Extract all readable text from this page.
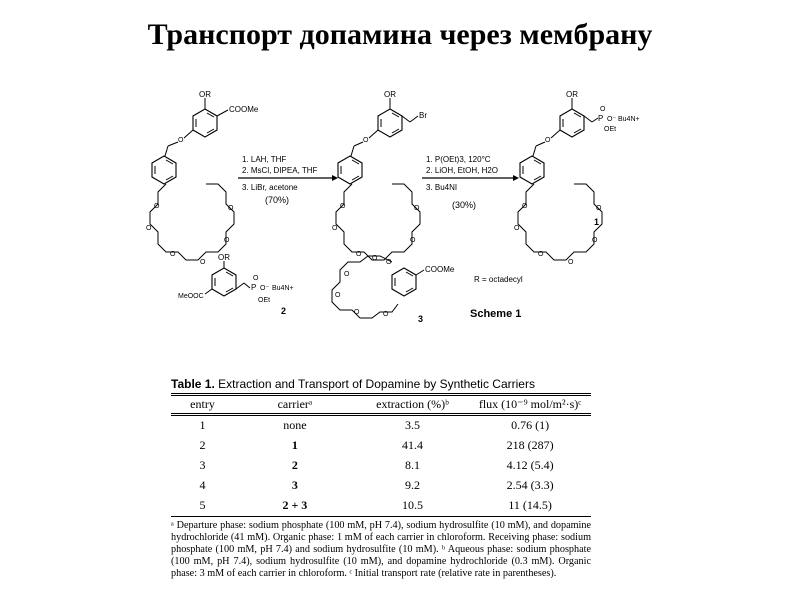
Транспорт допамина через мембрану
O
O
O
O
OR
COOMe
O
1. LAH, THF
2. MsCl, DIPEA, THF
3. LiBr, acetone
(70%)
OR
Br
O
1. P(OEt)3, 120°C
2. LiOH, EtOH, H2O
3. Bu4NI
(30%)
OR
P
O
O⁻ Bu4N+
OEt
O
1
OR
MeOOC
P
O
O⁻ Bu4N+
OEt
2
O
O
O	O
O
COOMe
3
R = octadecyl
Scheme 1
Table 1. Extraction and Transport of Dopamine by Synthetic Carriers
entry	carrierᵃ	extraction (%)ᵇ	flux (10⁻⁹ mol/m²·s)ᶜ

1	none	3.5	0.76 (1)
2	1	41.4	218 (287)
3	2	8.1	4.12 (5.4)
4	3	9.2	2.54 (3.3)
5	2 + 3	10.5	11 (14.5)
ᵃ Departure phase: sodium phosphate (100 mM, pH 7.4), sodium hydrosulfite (10 mM), and dopamine hydrochloride (41 mM). Organic phase: 1 mM of each carrier in chloroform. Receiving phase: sodium phosphate (100 mM, pH 7.4) and sodium hydrosulfite (10 mM). ᵇ Aqueous phase: sodium phosphate (100 mM, pH 7.4), sodium hydrosulfite (10 mM), and dopamine hydrochloride (0.3 mM). Organic phase: 3 mM of each carrier in chloroform. ᶜ Initial transport rate (relative rate in parentheses).
